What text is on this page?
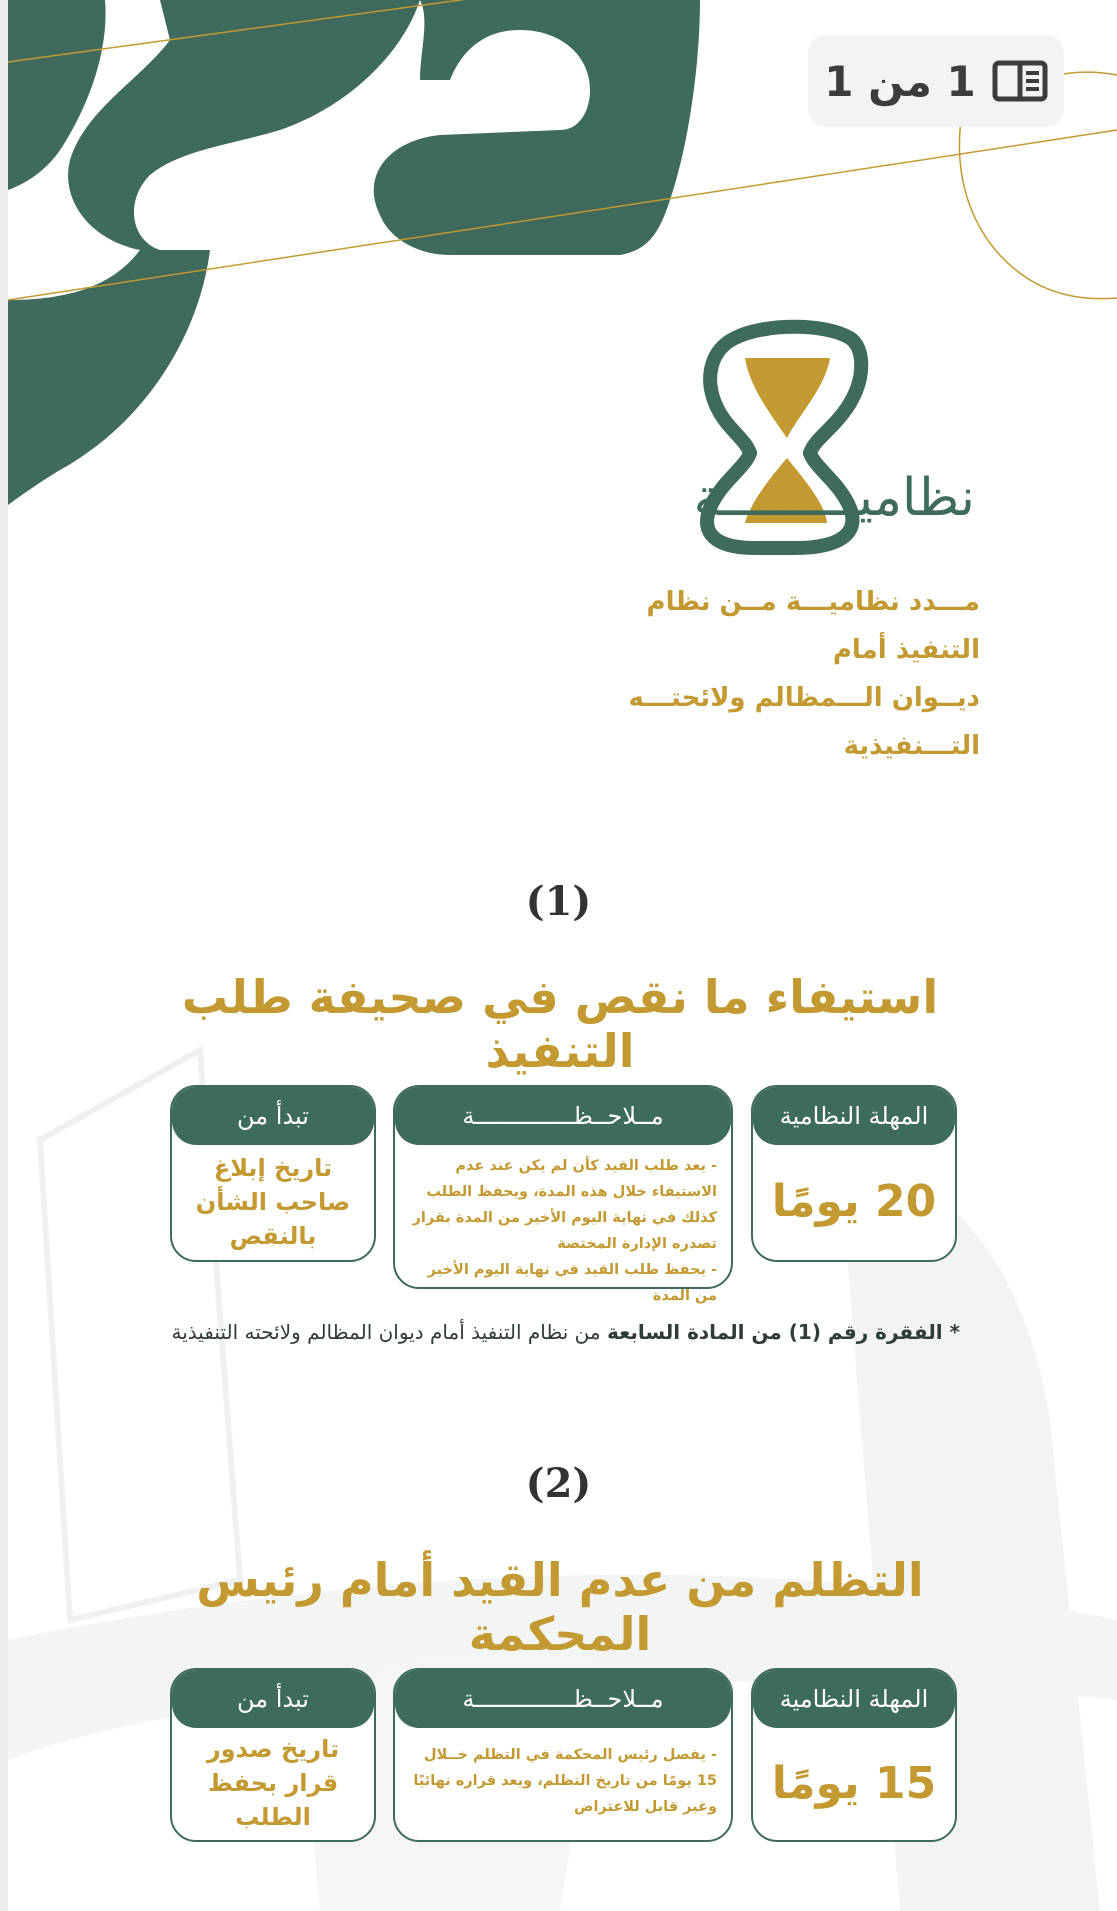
1 من 1
نظاميـــــــــة
مـــدد نظاميـــة مــن نظام التنفيذ أمام
ديــوان الـــمظالم ولائحتـــه التـــنفيذية
(1)
استيفاء ما نقص في صحيفة طلب التنفيذ
المهلة النظامية
20 يومًا
مــلاحــظــــــــــــــة
- يعد طلب القيد كأن لم يكن عند عدم الاستيفاء خلال هذه المدة، ويحفظ الطلب كذلك في نهاية اليوم الأخير من المدة بقرار تصدره الإدارة المختصة
- يحفظ طلب القيد في نهاية اليوم الأخير من المدة
تبدأ من
تاريخ إبلاغ صاحب الشأن بالنقص
* الفقرة رقم (1) من المادة السابعة من نظام التنفيذ أمام ديوان المظالم ولائحته التنفيذية
(2)
التظلم من عدم القيد أمام رئيس المحكمة
المهلة النظامية
15 يومًا
مــلاحــظــــــــــــــة
- يفصل رئيس المحكمة في التظلم خــلال 15 يومًا من تاريخ التظلم، ويعد قراره نهائيًا وغير قابل للاعتراض
تبدأ من
تاريخ صدور قرار بحفظ الطلب
